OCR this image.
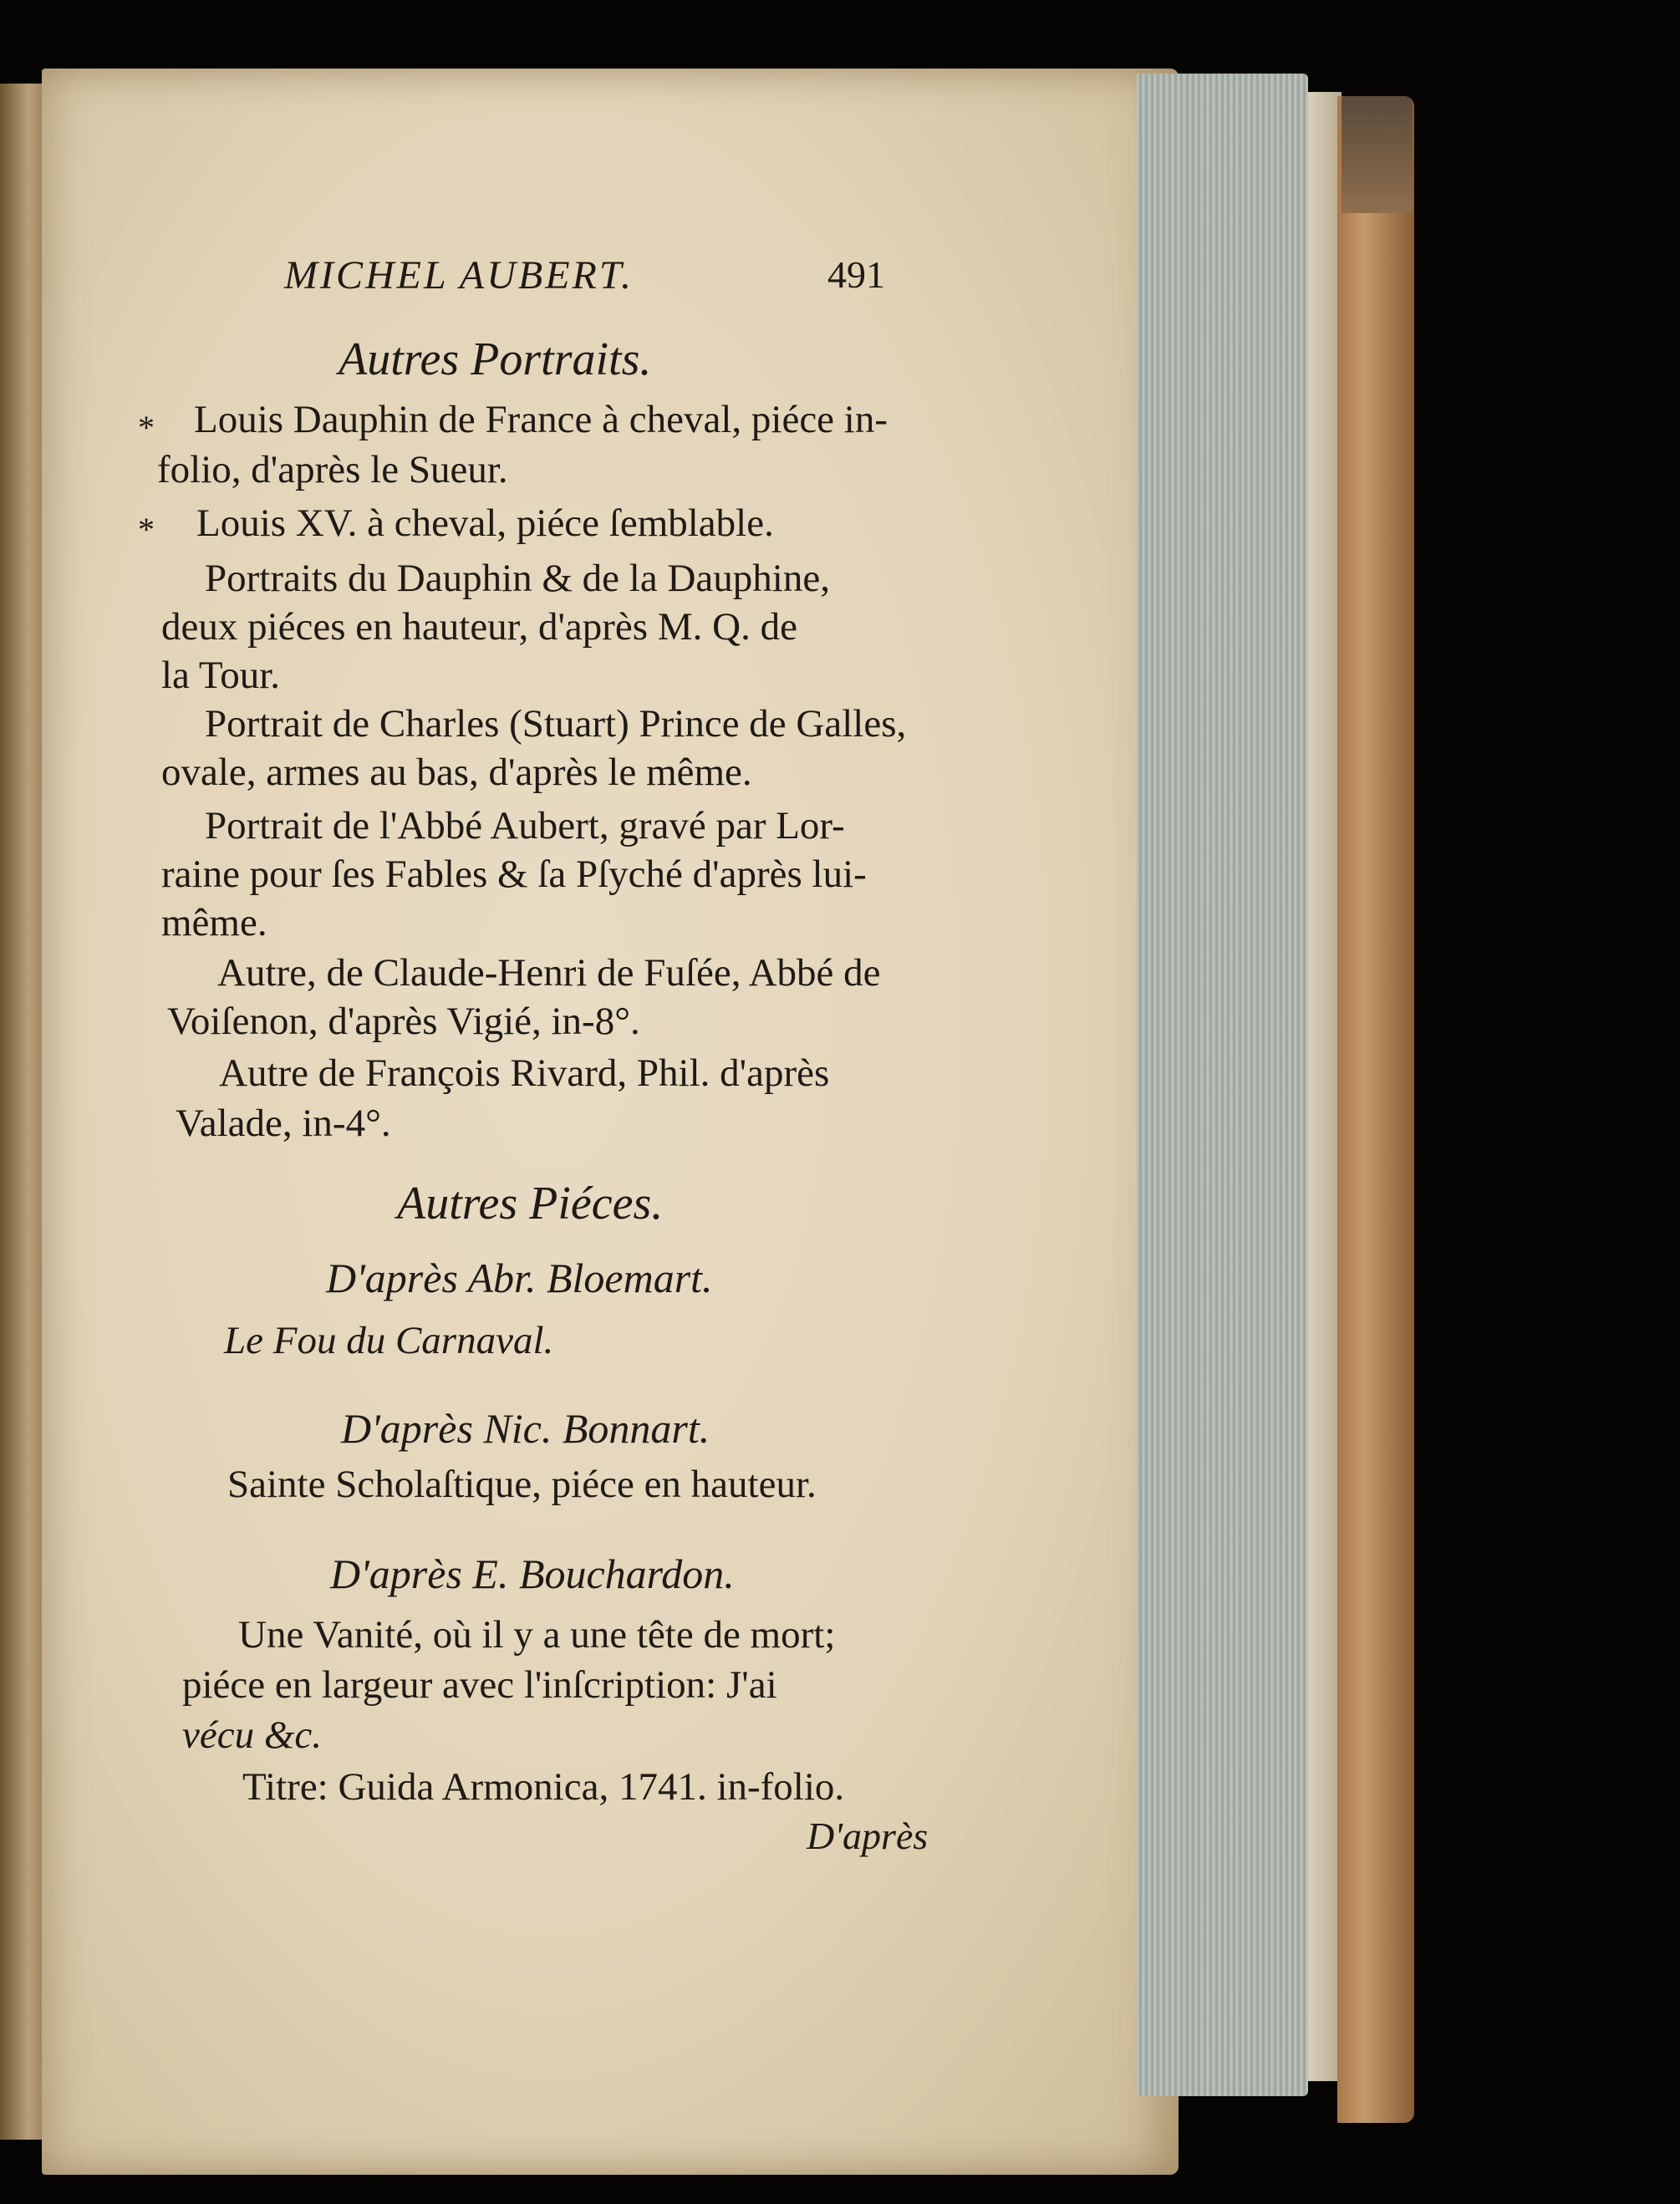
MICHEL AUBERT.	491
Autres Portraits.
* Louis Dauphin de France à cheval, piéce in-
folio, d'après le Sueur.
* Louis XV. à cheval, piéce ſemblable.
Portraits du Dauphin & de la Dauphine,
deux piéces en hauteur, d'après M. Q. de
la Tour.
Portrait de Charles (Stuart) Prince de Galles,
ovale, armes au bas, d'après le même.
Portrait de l'Abbé Aubert, gravé par Lor-
raine pour ſes Fables & ſa Pſyché d'après lui-
même.
Autre, de Claude-Henri de Fuſée, Abbé de
Voiſenon, d'après Vigié, in-8°.
Autre de François Rivard, Phil. d'après
Valade, in-4°.
Autres Piéces.
D'après Abr. Bloemart.
Le Fou du Carnaval.
D'après Nic. Bonnart.
Sainte Scholaſtique, piéce en hauteur.
D'après E. Bouchardon.
Une Vanité, où il y a une tête de mort;
piéce en largeur avec l'inſcription: J'ai
vécu &c.
Titre: Guida Armonica, 1741. in-folio.
D'après
